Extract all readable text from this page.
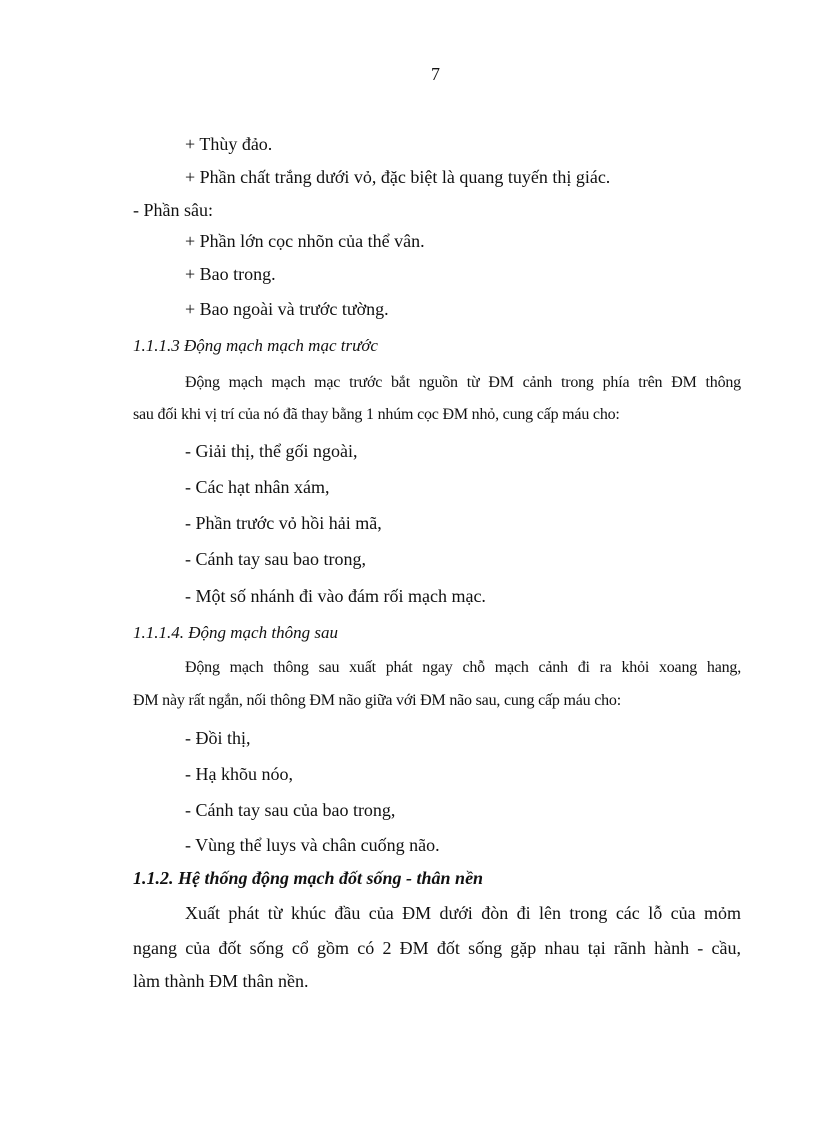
7
+ Thùy đảo.
+ Phần chất trắng dưới vỏ, đặc biệt là quang tuyến thị giác.
- Phần sâu:
+ Phần lớn cọc nhõn của thể vân.
+ Bao trong.
+ Bao ngoài và trước tường.
1.1.1.3 Động mạch mạch mạc trước
Động mạch mạch mạc trước bắt nguồn từ ĐM cảnh trong phía trên ĐM thông
sau đối khi vị trí của nó đã thay bằng 1 nhúm cọc ĐM nhỏ, cung cấp máu cho:
- Giải thị, thể gối ngoài,
- Các hạt nhân xám,
- Phần trước vỏ hồi hải mã,
- Cánh tay sau bao trong,
- Một số nhánh đi vào đám rối mạch mạc.
1.1.1.4. Động mạch thông sau
Động mạch thông sau xuất phát ngay chỗ mạch cảnh đi ra khỏi xoang hang,
ĐM này rất ngắn, nối thông ĐM não giữa với ĐM não sau, cung cấp máu cho:
- Đồi thị,
- Hạ khõu nóo,
- Cánh tay sau của bao trong,
- Vùng thể luys và chân cuống não.
1.1.2. Hệ thống động mạch đốt sống - thân nền
Xuất phát từ khúc đầu của ĐM dưới đòn đi lên trong các lỗ của mỏm
ngang của đốt sống cổ gồm có 2 ĐM đốt sống gặp nhau tại rãnh hành - cầu,
làm thành ĐM thân nền.
